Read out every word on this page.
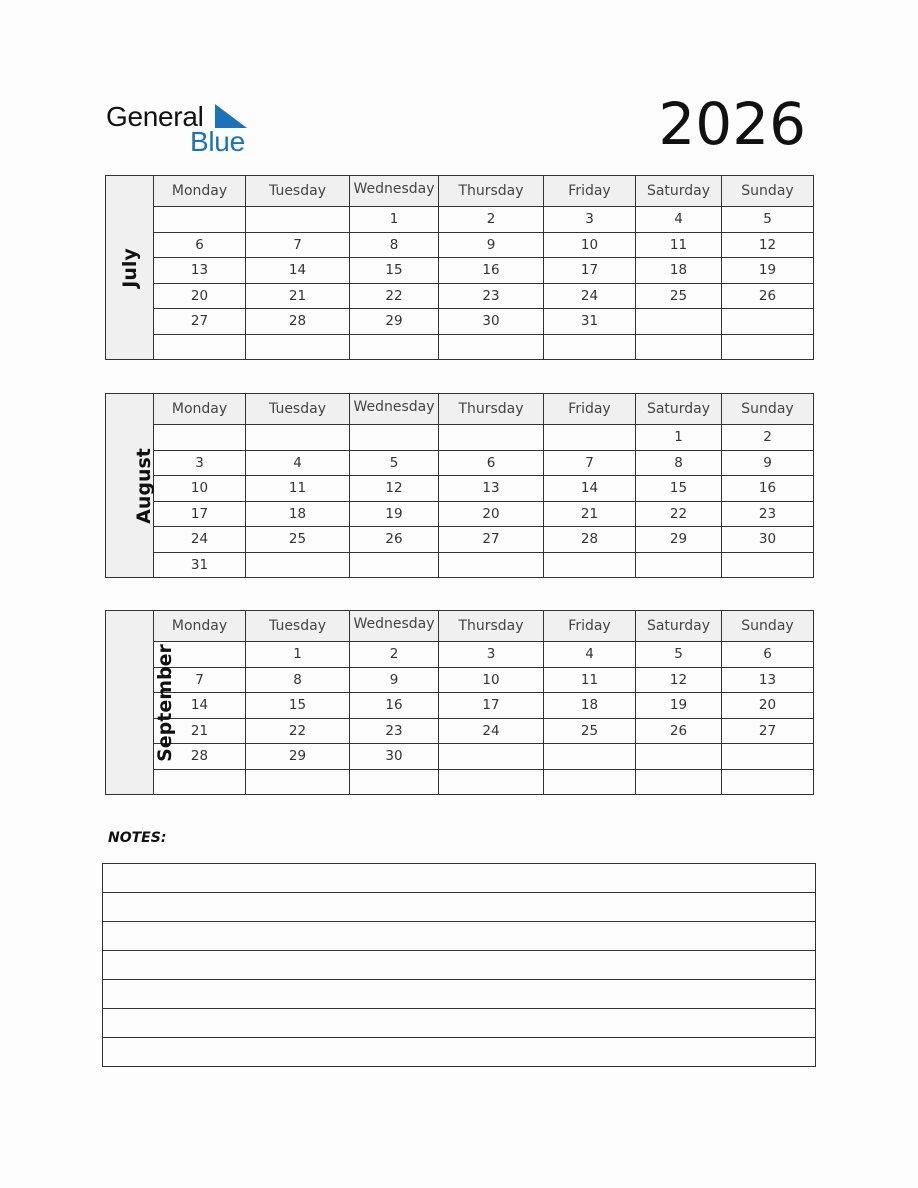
General
Blue	2026
July	Monday	Tuesday	Wednesday	Thursday	Friday	Saturday	Sunday
			1	2	3	4	5
	6	7	8	9	10	11	12
	13	14	15	16	17	18	19
	20	21	22	23	24	25	26
	27	28	29	30	31		

August	Monday	Tuesday	Wednesday	Thursday	Friday	Saturday	Sunday
						1	2
	3	4	5	6	7	8	9
	10	11	12	13	14	15	16
	17	18	19	20	21	22	23
	24	25	26	27	28	29	30
	31						
September	Monday	Tuesday	Wednesday	Thursday	Friday	Saturday	Sunday
		1	2	3	4	5	6
	7	8	9	10	11	12	13
	14	15	16	17	18	19	20
	21	22	23	24	25	26	27
	28	29	30				

NOTES:
